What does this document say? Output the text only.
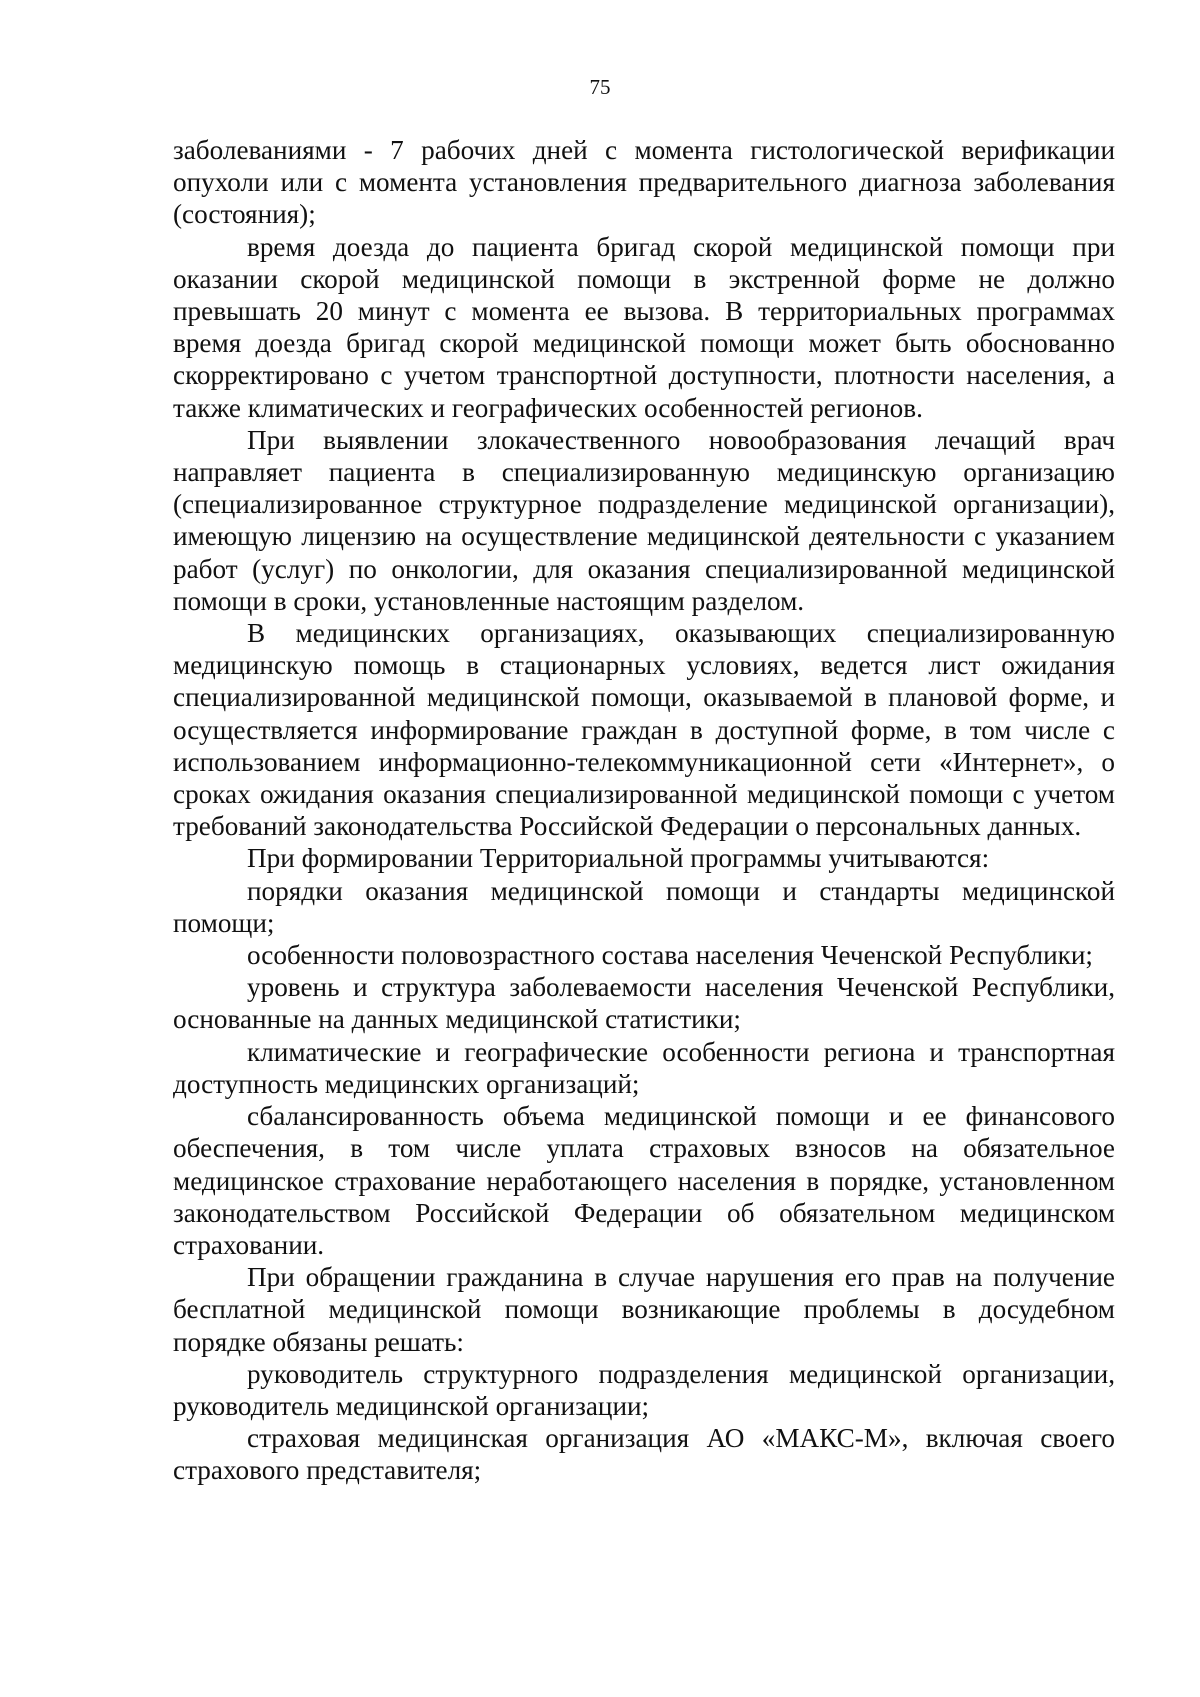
75

заболеваниями - 7 рабочих дней с момента гистологической верификации опухоли или с момента установления предварительного диагноза заболевания (состояния);

время доезда до пациента бригад скорой медицинской помощи при оказании скорой медицинской помощи в экстренной форме не должно превышать 20 минут с момента ее вызова. В территориальных программах время доезда бригад скорой медицинской помощи может быть обоснованно скорректировано с учетом транспортной доступности, плотности населения, а также климатических и географических особенностей регионов.

При выявлении злокачественного новообразования лечащий врач направляет пациента в специализированную медицинскую организацию (специализированное структурное подразделение медицинской организации), имеющую лицензию на осуществление медицинской деятельности с указанием работ (услуг) по онкологии, для оказания специализированной медицинской помощи в сроки, установленные настоящим разделом.

В медицинских организациях, оказывающих специализированную медицинскую помощь в стационарных условиях, ведется лист ожидания специализированной медицинской помощи, оказываемой в плановой форме, и осуществляется информирование граждан в доступной форме, в том числе с использованием информационно-телекоммуникационной сети «Интернет», о сроках ожидания оказания специализированной медицинской помощи с учетом требований законодательства Российской Федерации о персональных данных.

При формировании Территориальной программы учитываются:

порядки оказания медицинской помощи и стандарты медицинской помощи;

особенности половозрастного состава населения Чеченской Республики;

уровень и структура заболеваемости населения Чеченской Республики, основанные на данных медицинской статистики;

климатические и географические особенности региона и транспортная доступность медицинских организаций;

сбалансированность объема медицинской помощи и ее финансового обеспечения, в том числе уплата страховых взносов на обязательное медицинское страхование неработающего населения в порядке, установленном законодательством Российской Федерации об обязательном медицинском страховании.

При обращении гражданина в случае нарушения его прав на получение бесплатной медицинской помощи возникающие проблемы в досудебном порядке обязаны решать:

руководитель структурного подразделения медицинской организации, руководитель медицинской организации;

страховая медицинская организация АО «МАКС-М», включая своего страхового представителя;
